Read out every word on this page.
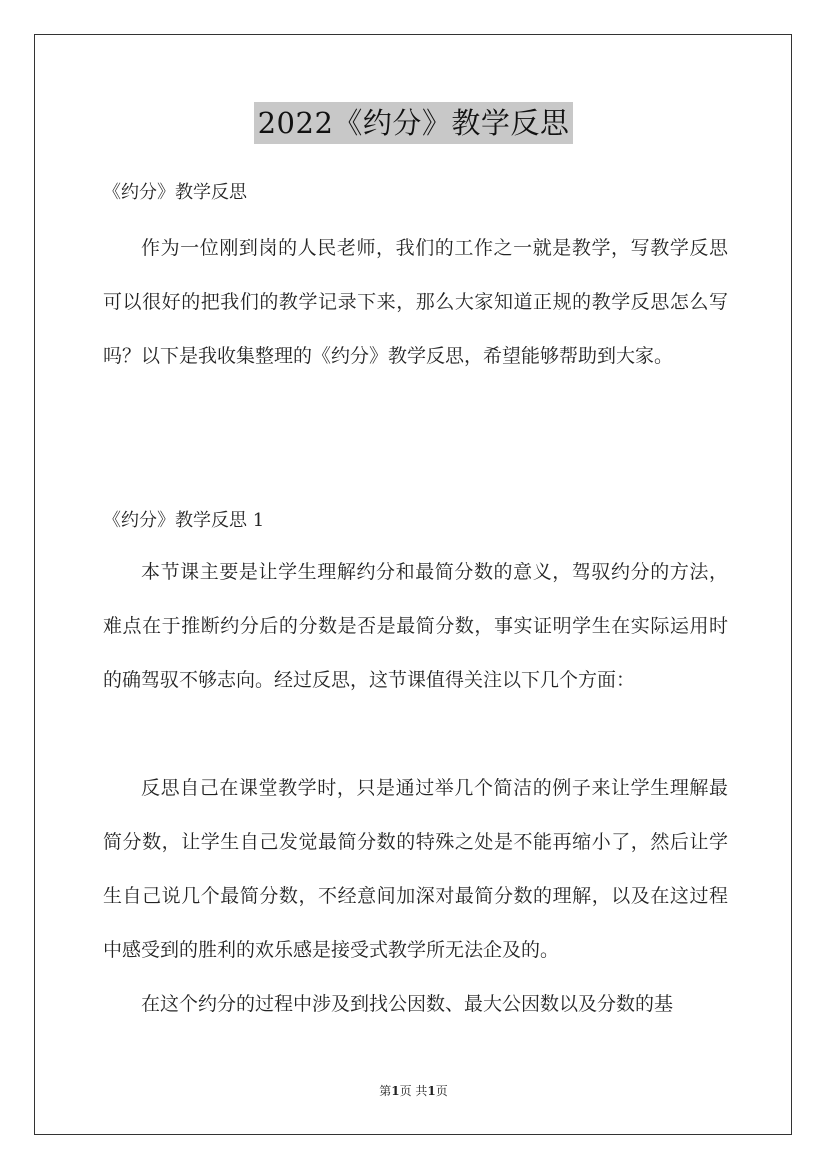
2022《约分》教学反思
《约分》教学反思
作为一位刚到岗的人民老师，我们的工作之一就是教学，写教学反思可以很好的把我们的教学记录下来，那么大家知道正规的教学反思怎么写吗？以下是我收集整理的《约分》教学反思，希望能够帮助到大家。
《约分》教学反思 1
本节课主要是让学生理解约分和最简分数的意义，驾驭约分的方法，难点在于推断约分后的分数是否是最简分数，事实证明学生在实际运用时的确驾驭不够志向。经过反思，这节课值得关注以下几个方面：
反思自己在课堂教学时，只是通过举几个简洁的例子来让学生理解最简分数，让学生自己发觉最简分数的特殊之处是不能再缩小了，然后让学生自己说几个最简分数，不经意间加深对最简分数的理解，以及在这过程中感受到的胜利的欢乐感是接受式教学所无法企及的。
在这个约分的过程中涉及到找公因数、最大公因数以及分数的基
第1页 共1页
